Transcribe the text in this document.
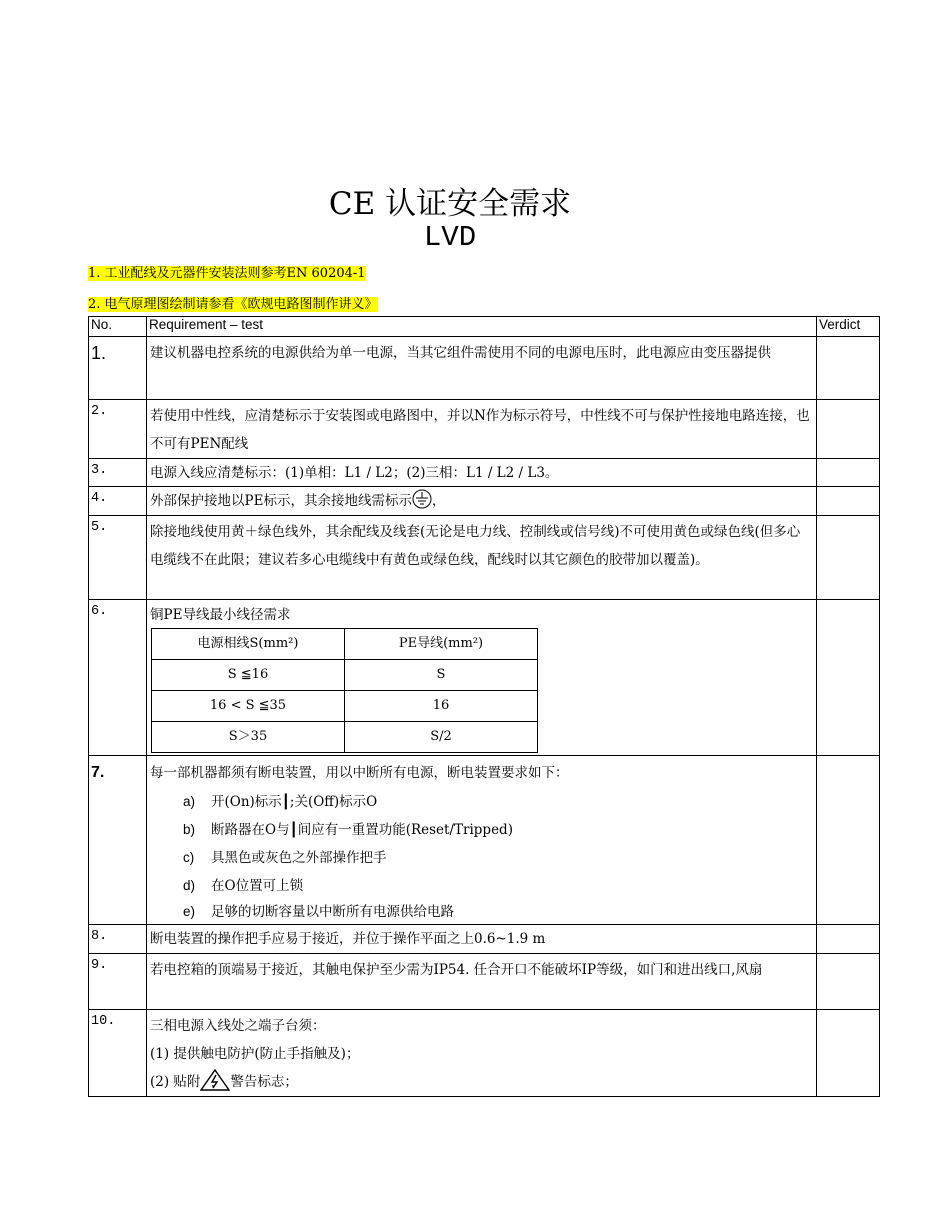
CE 认证安全需求
LVD
1. 工业配线及元器件安装法则参考EN 60204-1
2. 电气原理图绘制请参看《欧规电路图制作讲义》
No.	Requirement – test	Verdict
1.	建议机器电控系统的电源供给为单一电源，当其它组件需使用不同的电源电压时，此电源应由变压器提供	
2.	若使用中性线，应清楚标示于安装图或电路图中，并以N作为标示符号，中性线不可与保护性接地电路连接，也不可有PEN配线	
3.	电源入线应清楚标示：(1)单相：L1 / L2；(2)三相：L1 / L2 / L3。	
4.	外部保护接地以PE标示，其余接地线需标示 ，	
5.	除接地线使用黄＋绿色线外，其余配线及线套(无论是电力线、控制线或信号线)不可使用黄色或绿色线(但多心电缆线不在此限；建议若多心电缆线中有黄色或绿色线，配线时以其它颜色的胶带加以覆盖)。	
6.	铜PE导线最小线径需求

电源相线S(mm²)	PE导线(mm²)
S ≦16	S
16 < S ≦35	16
S＞35	S/2

7.	每一部机器都须有断电装置，用以中断所有电源，断电装置要求如下：

a) 开(On)标示┃;关(Off)标示O
b) 断路器在O与┃间应有一重置功能(Reset/Tripped)
c) 具黑色或灰色之外部操作把手
d) 在O位置可上锁
e) 足够的切断容量以中断所有电源供给电路

8.	断电装置的操作把手应易于接近，并位于操作平面之上0.6~1.9 m	
9.	若电控箱的顶端易于接近，其触电保护至少需为IP54. 任合开口不能破坏IP等级，如门和进出线口,风扇	
10.	三相电源入线处之端子台须：

(1) 提供触电防护(防止手指触及)；

(2) 贴附 警告标志；
